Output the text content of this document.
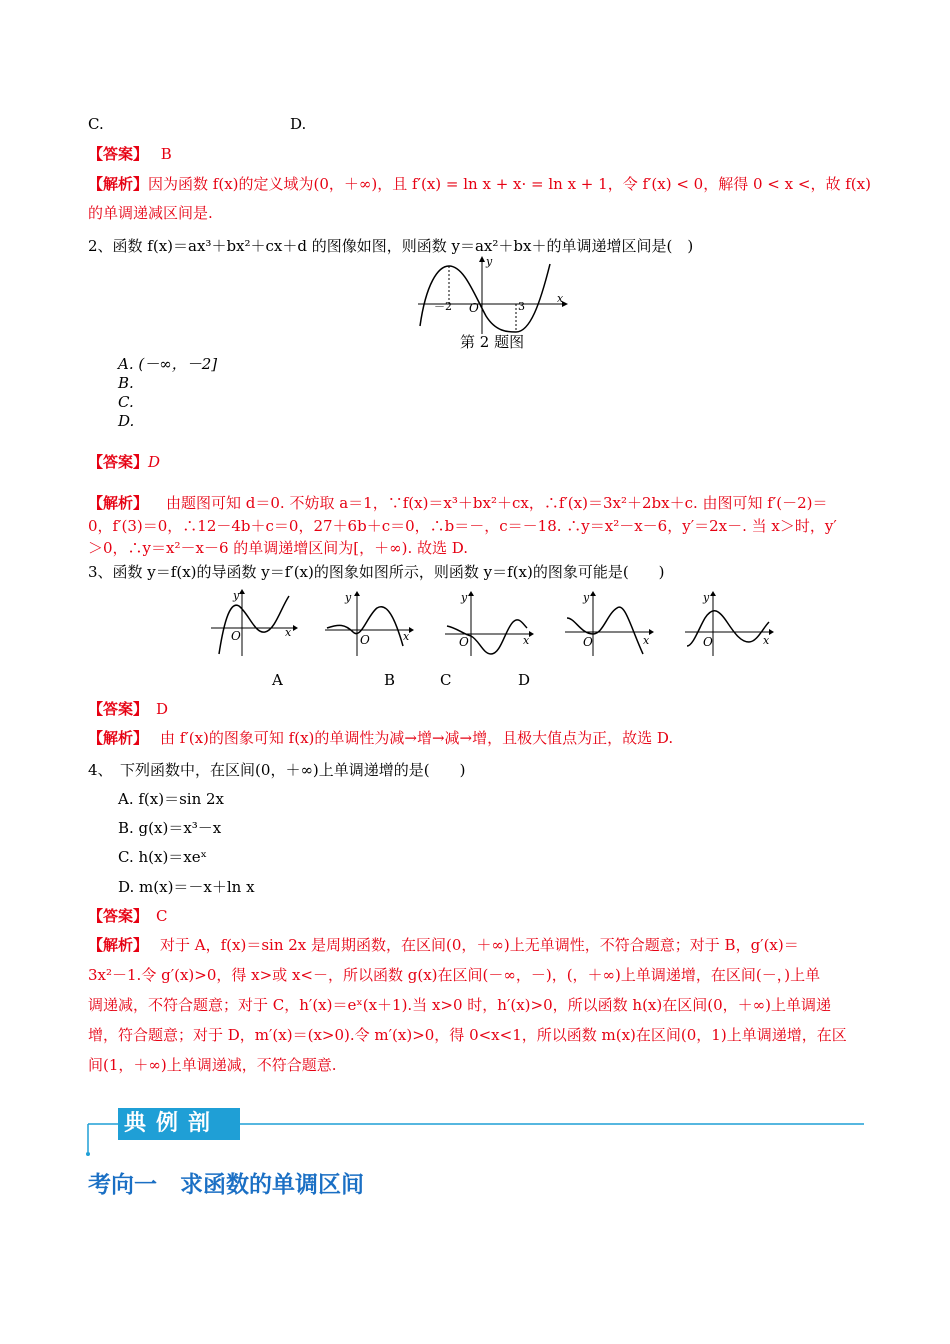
C.	D.
【答案】 B
【解析】因为函数 f(x)的定义域为(0，＋∞)，且 f′(x) = ln x + x· = ln x + 1，令 f′(x) < 0，解得 0 < x <，故 f(x)
的单调递减区间是.
2、函数 f(x)＝ax³＋bx²＋cx＋d 的图像如图，则函数 y＝ax²＋bx＋的单调递增区间是(　)
－2	3
O
y
x
第 2 题图
A. (－∞，－2]
B.
C.
D.
【答案】D
【解析】 由题图可知 d＝0. 不妨取 a＝1，∵f(x)＝x³＋bx²＋cx，∴f′(x)＝3x²＋2bx＋c. 由图可知 f′(－2)＝
0，f′(3)＝0，∴12－4b＋c＝0，27＋6b＋c＝0，∴b＝－，c＝－18. ∴y＝x²－x－6，y′＝2x－. 当 x＞时，y′
＞0，∴y＝x²－x－6 的单调递增区间为[，＋∞). 故选 D.
3、函数 y＝f(x)的导函数 y＝f′(x)的图象如图所示，则函数 y＝f(x)的图象可能是(　　)
O
y
x
O
y
x	O
y
x	O
y
x	O
y
x
A	B	C	D
【答案】 D
【解析】 由 f′(x)的图象可知 f(x)的单调性为减→增→减→增，且极大值点为正，故选 D.
4、　下列函数中，在区间(0，＋∞)上单调递增的是(　　)
A. f(x)＝sin 2x
B. g(x)＝x³－x
C. h(x)＝xeˣ
D. m(x)＝－x＋ln x
【答案】 C
【解析】 对于 A，f(x)＝sin 2x 是周期函数，在区间(0，＋∞)上无单调性，不符合题意；对于 B，g′(x)＝
3x²－1.令 g′(x)>0，得 x>或 x<－，所以函数 g(x)在区间(－∞，－)，(，＋∞)上单调递增，在区间(－，)上单
调递减，不符合题意；对于 C，h′(x)＝eˣ(x＋1).当 x>0 时，h′(x)>0，所以函数 h(x)在区间(0，＋∞)上单调递
增，符合题意；对于 D，m′(x)＝(x>0).令 m′(x)>0，得 0<x<1，所以函数 m(x)在区间(0，1)上单调递增，在区
间(1，＋∞)上单调递减，不符合题意.
典例剖析
考向一　求函数的单调区间
